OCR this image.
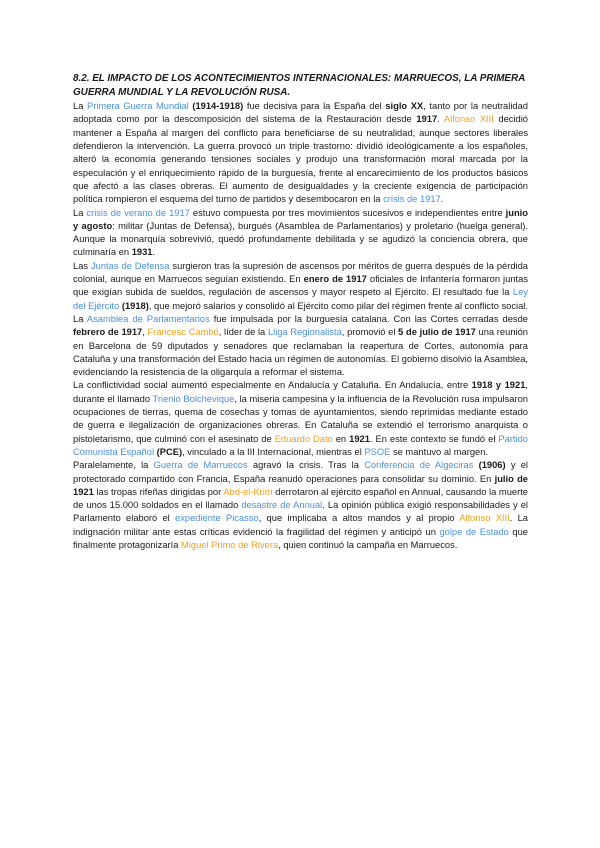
8.2. EL IMPACTO DE LOS ACONTECIMIENTOS INTERNACIONALES: MARRUECOS, LA PRIMERA GUERRA MUNDIAL Y LA REVOLUCIÓN RUSA.

La Primera Guerra Mundial (1914-1918) fue decisiva para la España del siglo XX, tanto por la neutralidad adoptada como por la descomposición del sistema de la Restauración desde 1917. Alfonso XIII decidió mantener a España al margen del conflicto para beneficiarse de su neutralidad, aunque sectores liberales defendieron la intervención. La guerra provocó un triple trastorno: dividió ideológicamente a los españoles, alteró la economía generando tensiones sociales y produjo una transformación moral marcada por la especulación y el enriquecimiento rápido de la burguesía, frente al encarecimiento de los productos básicos que afectó a las clases obreras. El aumento de desigualdades y la creciente exigencia de participación política rompieron el esquema del turno de partidos y desembocaron en la crisis de 1917.

La crisis de verano de 1917 estuvo compuesta por tres movimientos sucesivos e independientes entre junio y agosto: militar (Juntas de Defensa), burgués (Asamblea de Parlamentarios) y proletario (huelga general). Aunque la monarquía sobrevivió, quedó profundamente debilitada y se agudizó la conciencia obrera, que culminaría en 1931.

Las Juntas de Defensa surgieron tras la supresión de ascensos por méritos de guerra después de la pérdida colonial, aunque en Marruecos seguían existiendo. En enero de 1917 oficiales de Infantería formaron juntas que exigían subida de sueldos, regulación de ascensos y mayor respeto al Ejército. El resultado fue la Ley del Ejército (1918), que mejoró salarios y consolidó al Ejército como pilar del régimen frente al conflicto social.

La Asamblea de Parlamentarios fue impulsada por la burguesía catalana. Con las Cortes cerradas desde febrero de 1917, Francesc Cambó, líder de la Lliga Regionalista, promovió el 5 de julio de 1917 una reunión en Barcelona de 59 diputados y senadores que reclamaban la reapertura de Cortes, autonomía para Cataluña y una transformación del Estado hacia un régimen de autonomías. El gobierno disolvió la Asamblea, evidenciando la resistencia de la oligarquía a reformar el sistema.

La conflictividad social aumentó especialmente en Andalucía y Cataluña. En Andalucía, entre 1918 y 1921, durante el llamado Trienio Bolchevique, la miseria campesina y la influencia de la Revolución rusa impulsaron ocupaciones de tierras, quema de cosechas y tomas de ayuntamientos, siendo reprimidas mediante estado de guerra e ilegalización de organizaciones obreras. En Cataluña se extendió el terrorismo anarquista o pistoletarismo, que culminó con el asesinato de Eduardo Dato en 1921. En este contexto se fundó el Partido Comunista Español (PCE), vinculado a la III Internacional, mientras el PSOE se mantuvo al margen.

Paralelamente, la Guerra de Marruecos agravó la crisis. Tras la Conferencia de Algeciras (1906) y el protectorado compartido con Francia, España reanudó operaciones para consolidar su dominio. En julio de 1921 las tropas rifeñas dirigidas por Abd-el-Krim derrotaron al ejército español en Annual, causando la muerte de unos 15.000 soldados en el llamado desastre de Annual. La opinión pública exigió responsabilidades y el Parlamento elaboró el expediente Picasso, que implicaba a altos mandos y al propio Alfonso XIII. La indignación militar ante estas críticas evidenció la fragilidad del régimen y anticipó un golpe de Estado que finalmente protagonizaría Miguel Primo de Rivera, quien continuó la campaña en Marruecos.
